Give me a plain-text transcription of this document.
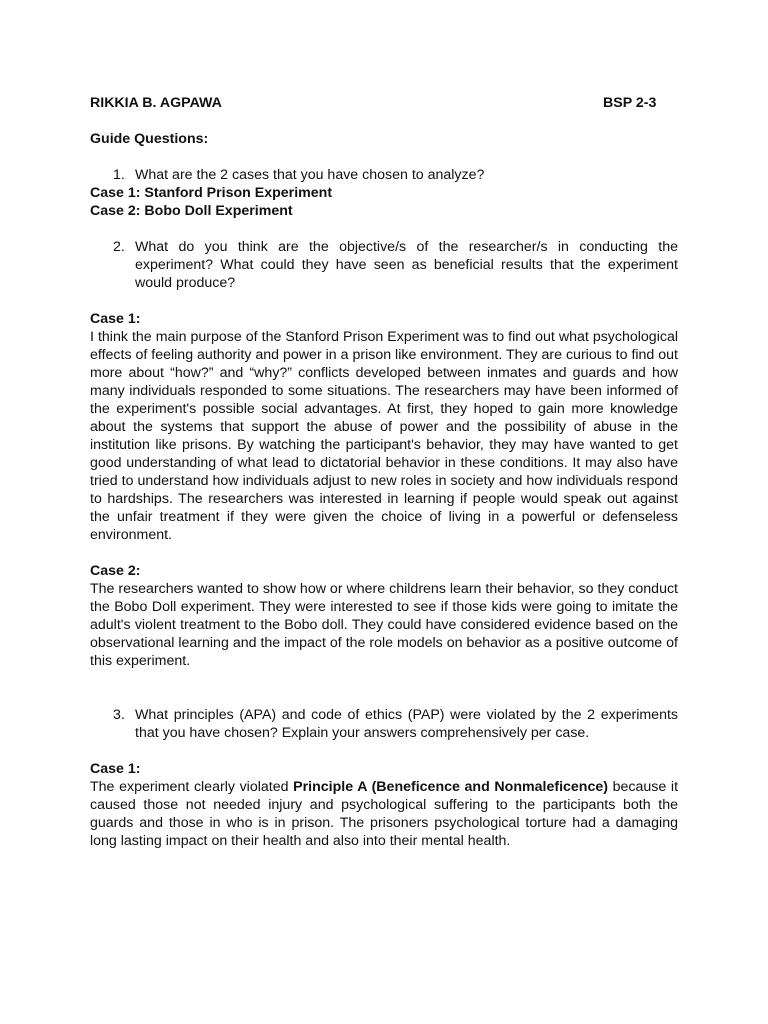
RIKKIA B. AGPAWA	BSP 2-3
Guide Questions:
1. What are the 2 cases that you have chosen to analyze?
Case 1: Stanford Prison Experiment
Case 2: Bobo Doll Experiment
2. What do you think are the objective/s of the researcher/s in conducting the experiment? What could they have seen as beneficial results that the experiment would produce?
Case 1:
I think the main purpose of the Stanford Prison Experiment was to find out what psychological effects of feeling authority and power in a prison like environment. They are curious to find out more about “how?” and “why?” conflicts developed between inmates and guards and how many individuals responded to some situations. The researchers may have been informed of the experiment's possible social advantages. At first, they hoped to gain more knowledge about the systems that support the abuse of power and the possibility of abuse in the institution like prisons. By watching the participant's behavior, they may have wanted to get good understanding of what lead to dictatorial behavior in these conditions. It may also have tried to understand how individuals adjust to new roles in society and how individuals respond to hardships. The researchers was interested in learning if people would speak out against the unfair treatment if they were given the choice of living in a powerful or defenseless environment.
Case 2:
The researchers wanted to show how or where childrens learn their behavior, so they conduct the Bobo Doll experiment. They were interested to see if those kids were going to imitate the adult's violent treatment to the Bobo doll. They could have considered evidence based on the observational learning and the impact of the role models on behavior as a positive outcome of this experiment.
3. What principles (APA) and code of ethics (PAP) were violated by the 2 experiments that you have chosen? Explain your answers comprehensively per case.
Case 1:
The experiment clearly violated Principle A (Beneficence and Nonmaleficence) because it caused those not needed injury and psychological suffering to the participants both the guards and those in who is in prison. The prisoners psychological torture had a damaging long lasting impact on their health and also into their mental health.
